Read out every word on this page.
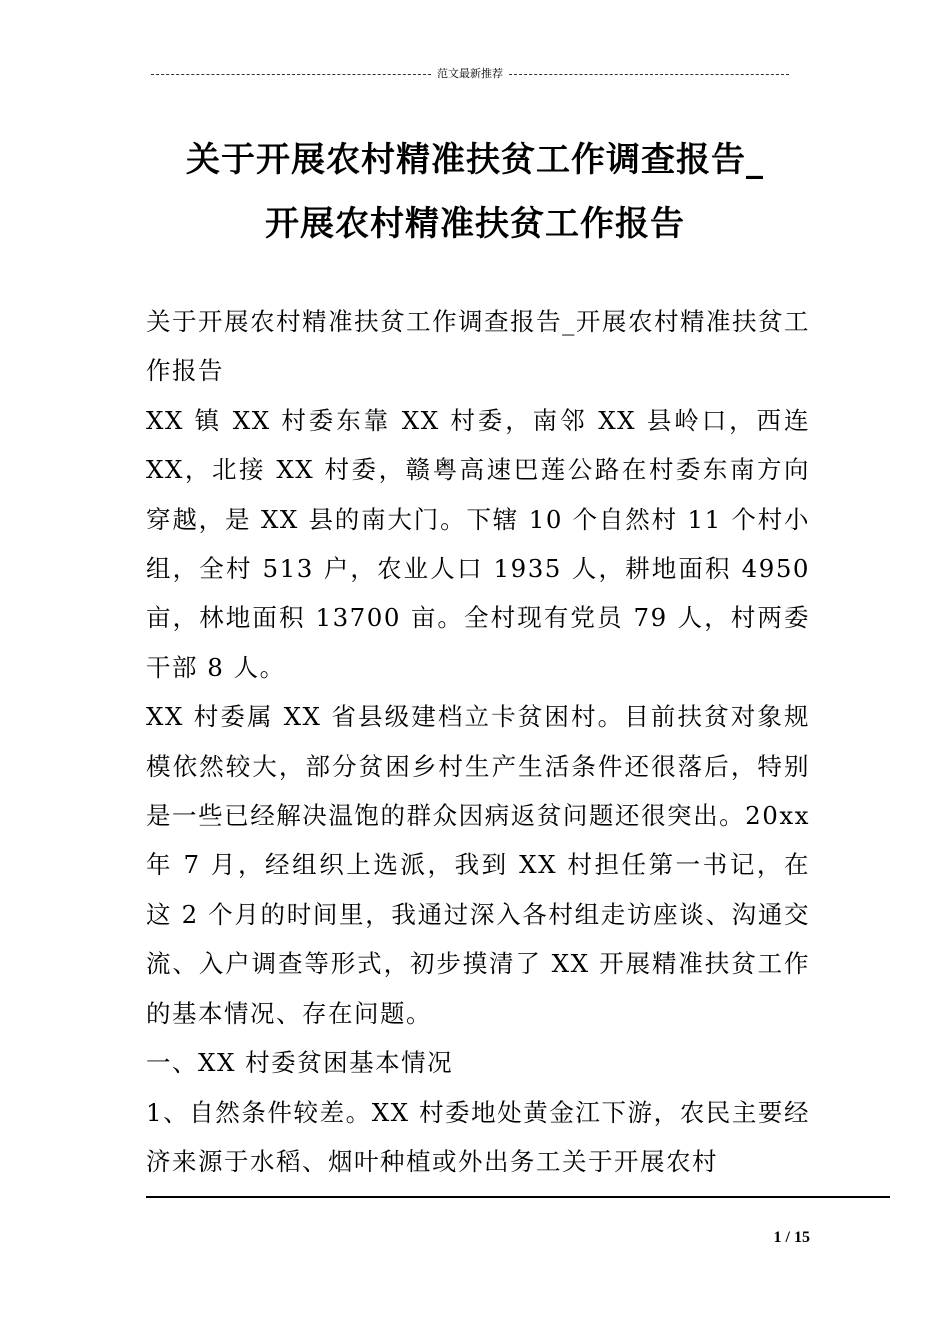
范文最新推荐
关于开展农村精准扶贫工作调查报告_
开展农村精准扶贫工作报告

关于开展农村精准扶贫工作调查报告_开展农村精准扶贫工作报告

XX 镇 XX 村委东靠 XX 村委，南邻 XX 县岭口，西连 XX，北接 XX 村委，赣粤高速巴莲公路在村委东南方向穿越，是 XX 县的南大门。下辖 10 个自然村 11 个村小组，全村 513 户，农业人口 1935 人，耕地面积 4950 亩，林地面积 13700 亩。全村现有党员 79 人，村两委干部 8 人。

XX 村委属 XX 省县级建档立卡贫困村。目前扶贫对象规模依然较大，部分贫困乡村生产生活条件还很落后，特别是一些已经解决温饱的群众因病返贫问题还很突出。20xx 年 7 月，经组织上选派，我到 XX 村担任第一书记，在这 2 个月的时间里，我通过深入各村组走访座谈、沟通交流、入户调查等形式，初步摸清了 XX 开展精准扶贫工作的基本情况、存在问题。

一、XX 村委贫困基本情况

1、自然条件较差。XX 村委地处黄金江下游，农民主要经济来源于水稻、烟叶种植或外出务工关于开展农村

1 / 15
